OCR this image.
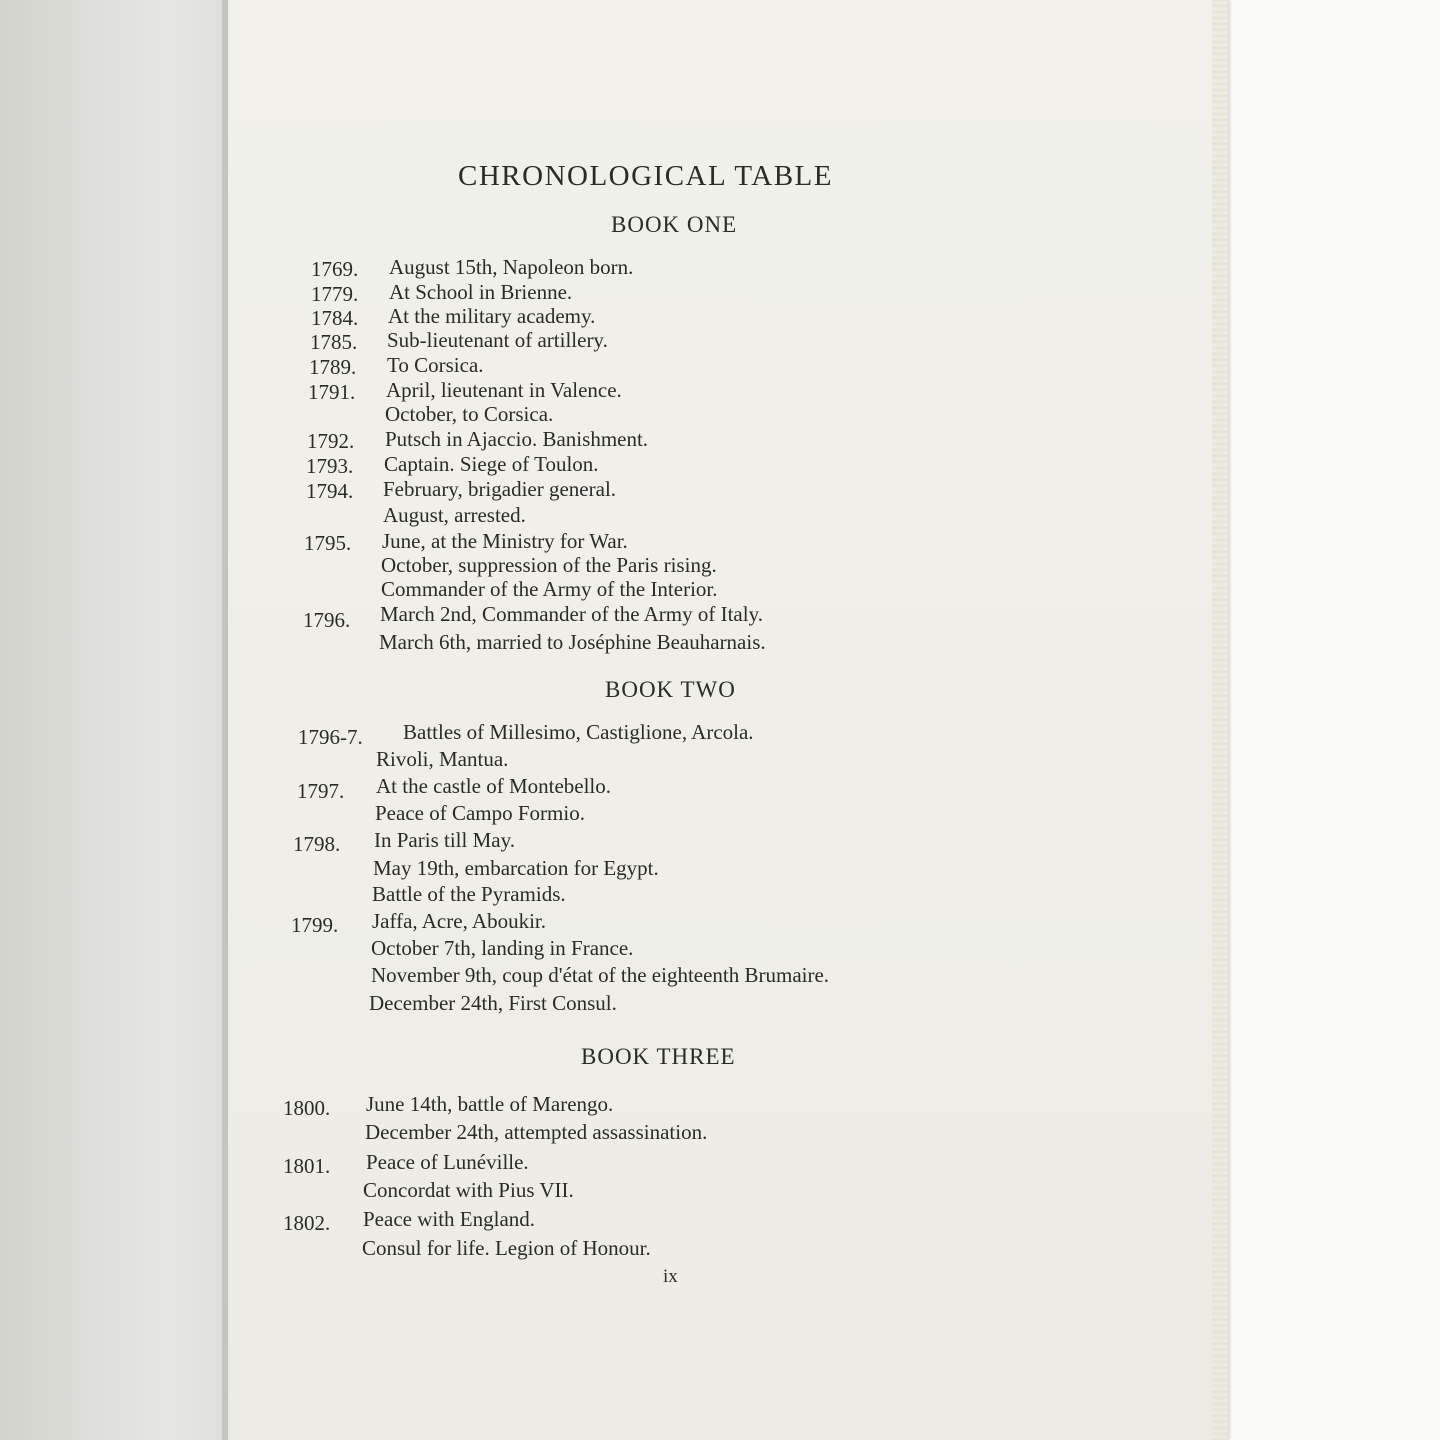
CHRONOLOGICAL TABLE
BOOK ONE
1769. August 15th, Napoleon born.
1779. At School in Brienne.
1784. At the military academy.
1785. Sub-lieutenant of artillery.
1789. To Corsica.
1791. April, lieutenant in Valence.
October, to Corsica.
1792. Putsch in Ajaccio. Banishment.
1793. Captain. Siege of Toulon.
1794. February, brigadier general.
August, arrested.
1795. June, at the Ministry for War.
October, suppression of the Paris rising.
Commander of the Army of the Interior.
1796. March 2nd, Commander of the Army of Italy.
March 6th, married to Joséphine Beauharnais.
BOOK TWO
1796-7. Battles of Millesimo, Castiglione, Arcola.
Rivoli, Mantua.
1797. At the castle of Montebello.
Peace of Campo Formio.
1798. In Paris till May.
May 19th, embarcation for Egypt.
Battle of the Pyramids.
1799. Jaffa, Acre, Aboukir.
October 7th, landing in France.
November 9th, coup d'état of the eighteenth Brumaire.
December 24th, First Consul.
BOOK THREE
1800. June 14th, battle of Marengo.
December 24th, attempted assassination.
1801. Peace of Lunéville.
Concordat with Pius VII.
1802. Peace with England.
Consul for life. Legion of Honour.
ix
